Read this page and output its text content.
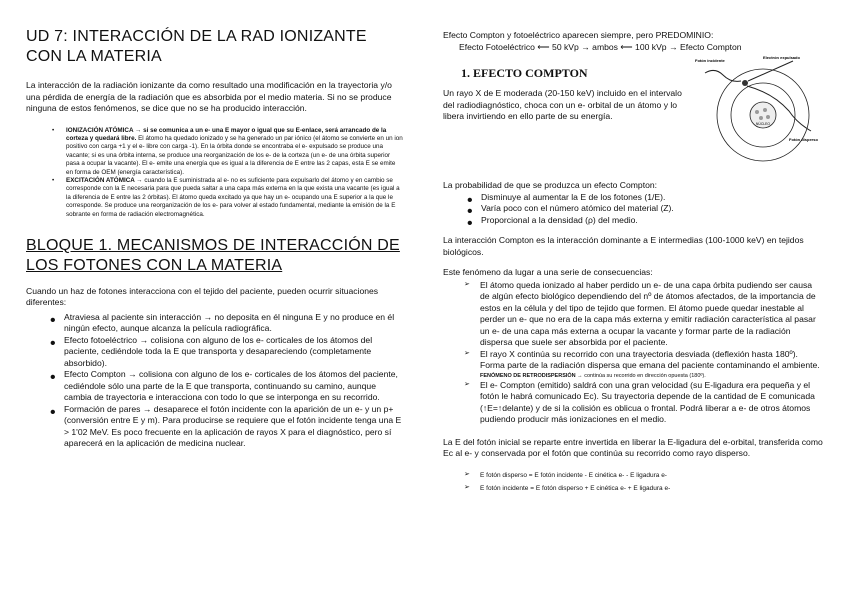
UD 7: INTERACCIÓN DE LA RAD IONIZANTE CON LA MATERIA

La interacción de la radiación ionizante da como resultado una modificación en la trayectoria y/o una pérdida de energía de la radiación que es absorbida por el medio materia. Si no se produce ninguna de estos fenómenos, se dice que no se ha producido interacción.

• IONIZACIÓN ATÓMICA → si se comunica a un e- una E mayor o igual que su E-enlace, será arrancado de la corteza y quedará libre. El átomo ha quedado ionizado y se ha generado un par iónico (el átomo se convierte en un ion positivo con carga +1 y el e- libre con carga -1). En la órbita donde se encontraba el e- expulsado se produce una vacante; si es una órbita interna, se produce una reorganización de los e- de la corteza (un e- de una órbita superior pasa a ocupar la vacante). El e- emite una energía que es igual a la diferencia de E entre las 2 capas, esta E se emite en forma de OEM (energía característica).
• EXCITACIÓN ATÓMICA → cuando la E suministrada al e- no es suficiente para expulsarlo del átomo y en cambio se corresponde con la E necesaria para que pueda saltar a una capa más externa en la que exista una vacante (es igual a la diferencia de E entre las 2 órbitas). El átomo queda excitado ya que hay un e- ocupando una E superior a la que le corresponde. Se produce una reorganización de los e- para volver al estado fundamental, mediante la emisión de la E sobrante en forma de radiación electromagnética.
BLOQUE 1. MECANISMOS DE INTERACCIÓN DE LOS FOTONES CON LA MATERIA

Cuando un haz de fotones interacciona con el tejido del paciente, pueden ocurrir situaciones diferentes:

• Atraviesa al paciente sin interacción → no deposita en él ninguna E y no produce en él ningún efecto, aunque alcanza la película radiográfica.

• Efecto fotoeléctrico → colisiona con alguno de los e- corticales de los átomos del paciente, cediéndole toda la E que transporta y desapareciendo (completamente absorbido).

• Efecto Compton → colisiona con alguno de los e- corticales de los átomos del paciente, cediéndole sólo una parte de la E que transporta, continuando su camino, aunque cambia de trayectoria e interacciona con todo lo que se interponga en su recorrido.

• Formación de pares → desaparece el fotón incidente con la aparición de un e- y un p+ (conversión entre E y m). Para producirse se requiere que el fotón incidente tenga una E > 1'02 MeV. Es poco frecuente en la aplicación de rayos X para el diagnóstico, pero sí aparecerá en la aplicación de medicina nuclear.

Efecto Compton y fotoeléctrico aparecen siempre, pero PREDOMINIO:

Efecto Fotoeléctrico ⟵ 50 kVp → ambos ⟵ 100 kVp → Efecto Compton

1. EFECTO COMPTON

Un rayo X de E moderada (20-150 keV) incluido en el intervalo del radiodiagnóstico, choca con un e- orbital de un átomo y lo libera invirtiendo en ello parte de su energía.

NÚCLEO
Fotón incidente
Electrón expulsado
Fotón disperso

La probabilidad de que se produzca un efecto Compton:

• Disminuye al aumentar la E de los fotones (1/E).

• Varía poco con el número atómico del material (Z).

• Proporcional a la densidad (ρ) del medio.

La interacción Compton es la interacción dominante a E intermedias (100-1000 keV) en tejidos biológicos.

Este fenómeno da lugar a una serie de consecuencias:

➢ El átomo queda ionizado al haber perdido un e- de una capa órbita pudiendo ser causa de algún efecto biológico dependiendo del nº de átomos afectados, de la importancia de estos en la célula y del tipo de tejido que formen. El átomo puede quedar inestable al perder un e- que no era de la capa más externa y emitir radiación característica al pasar un e- de una capa más externa a ocupar la vacante y formar parte de la radiación dispersa que suele ser absorbida por el paciente.

➢ El rayo X continúa su recorrido con una trayectoria desviada (deflexión hasta 180º). Forma parte de la radiación dispersa que emana del paciente contaminando el ambiente.

FENÓMENO DE RETRODISPERSIÓN → continúa su recorrido en dirección opuesta (180º).

➢ El e- Compton (emitido) saldrá con una gran velocidad (su E-ligadura era pequeña y el fotón le habrá comunicado Ec). Su trayectoria depende de la cantidad de E comunicada (↑E=↑delante) y de si la colisión es oblicua o frontal. Podrá liberar a e- de otros átomos pudiendo producir más ionizaciones en el medio.

La E del fotón inicial se reparte entre invertida en liberar la E-ligadura del e-orbital, transferida como Ec al e- y conservada por el fotón que continúa su recorrido como rayo disperso.

➢ E fotón disperso = E fotón incidente - E cinética e- - E ligadura e-

➢ E fotón incidente = E fotón disperso + E cinética e- + E ligadura e-
